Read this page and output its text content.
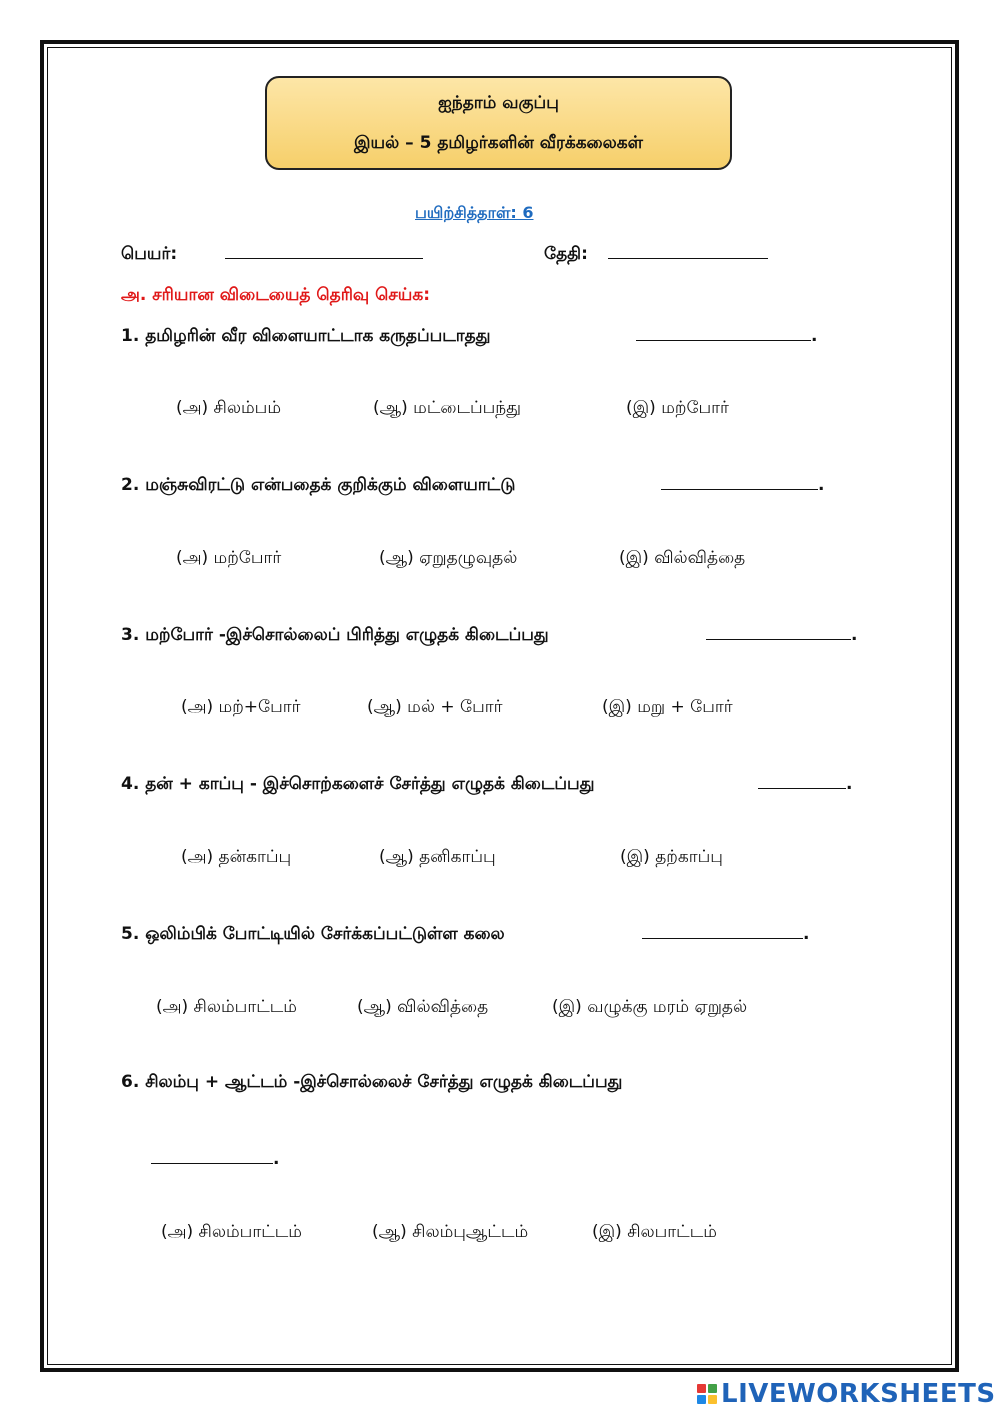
ஐந்தாம் வகுப்பு
இயல் – 5 தமிழர்களின் வீரக்கலைகள்
பயிற்சித்தாள்: 6
பெயர்:	தேதி:
அ. சரியான விடையைத் தெரிவு செய்க:
1. தமிழரின் வீர விளையாட்டாக கருதப்படாதது	.
(அ) சிலம்பம்	(ஆ) மட்டைப்பந்து	(இ) மற்போர்
2. மஞ்சுவிரட்டு என்பதைக் குறிக்கும் விளையாட்டு	.
(அ) மற்போர்	(ஆ) ஏறுதழுவுதல்	(இ) வில்வித்தை
3. மற்போர் -இச்சொல்லைப் பிரித்து எழுதக் கிடைப்பது	.
(அ) மற்+போர்	(ஆ) மல் + போர்	(இ) மறு + போர்
4. தன் + காப்பு - இச்சொற்களைச் சேர்த்து எழுதக் கிடைப்பது	.
(அ) தன்காப்பு	(ஆ) தனிகாப்பு	(இ) தற்காப்பு
5. ஒலிம்பிக் போட்டியில் சேர்க்கப்பட்டுள்ள கலை	.
(அ) சிலம்பாட்டம்	(ஆ) வில்வித்தை	(இ) வழுக்கு மரம் ஏறுதல்
6. சிலம்பு + ஆட்டம் -இச்சொல்லைச் சேர்த்து எழுதக் கிடைப்பது
.
(அ) சிலம்பாட்டம்	(ஆ) சிலம்புஆட்டம்	(இ) சிலபாட்டம்
LIVEWORKSHEETS
